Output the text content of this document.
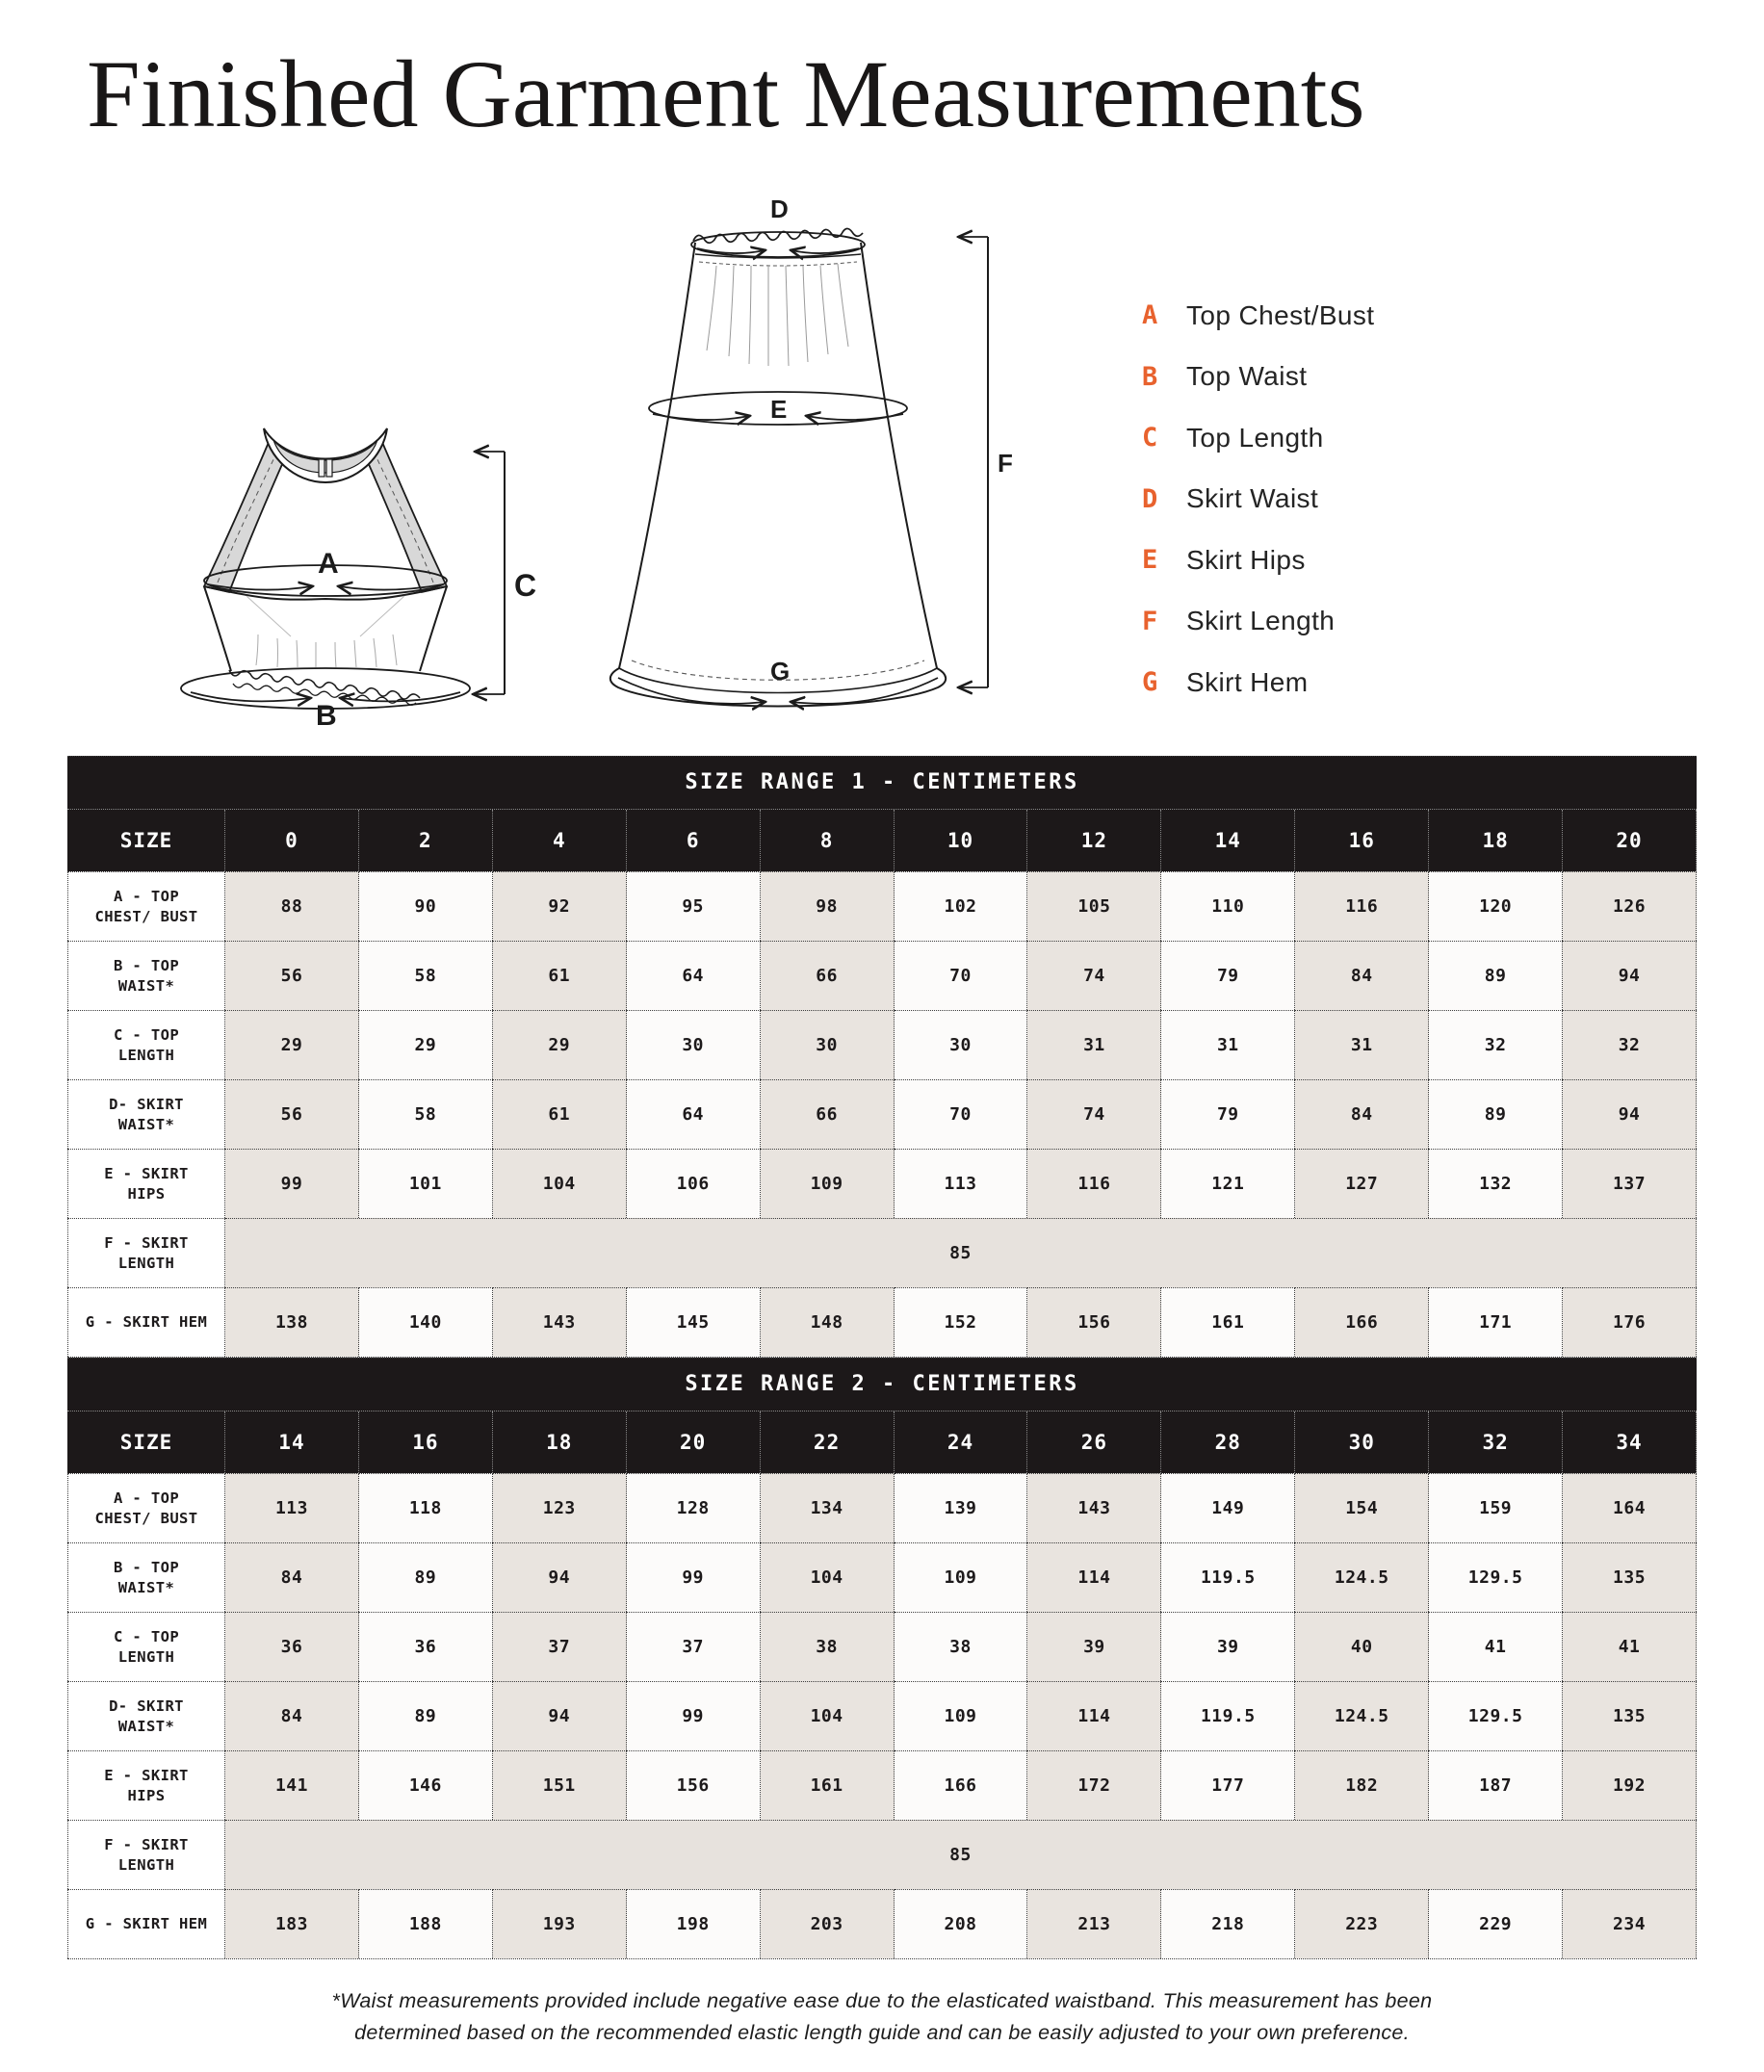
Finished Garment Measurements
A
B
C
D
E
F
G
A	Top Chest/Bust
B	Top Waist
C	Top Length
D	Skirt Waist
E	Skirt Hips
F	Skirt Length
G	Skirt Hem
SIZE RANGE 1 - CENTIMETERS
SIZE	0	2	4	6	8	10	12	14	16	18	20
A - TOP CHEST/ BUST	88	90	92	95	98	102	105	110	116	120	126
B - TOP WAIST*	56	58	61	64	66	70	74	79	84	89	94
C - TOP LENGTH	29	29	29	30	30	30	31	31	31	32	32
D- SKIRT WAIST*	56	58	61	64	66	70	74	79	84	89	94
E - SKIRT HIPS	99	101	104	106	109	113	116	121	127	132	137
F - SKIRT LENGTH	85
G - SKIRT HEM	138	140	143	145	148	152	156	161	166	171	176
SIZE RANGE 2 - CENTIMETERS
SIZE	14	16	18	20	22	24	26	28	30	32	34
A - TOP CHEST/ BUST	113	118	123	128	134	139	143	149	154	159	164
B - TOP WAIST*	84	89	94	99	104	109	114	119.5	124.5	129.5	135
C - TOP LENGTH	36	36	37	37	38	38	39	39	40	41	41
D- SKIRT WAIST*	84	89	94	99	104	109	114	119.5	124.5	129.5	135
E - SKIRT HIPS	141	146	151	156	161	166	172	177	182	187	192
F - SKIRT LENGTH	85
G - SKIRT HEM	183	188	193	198	203	208	213	218	223	229	234
*Waist measurements provided include negative ease due to the elasticated waistband. This measurement has been
determined based on the recommended elastic length guide and can be easily adjusted to your own preference.
